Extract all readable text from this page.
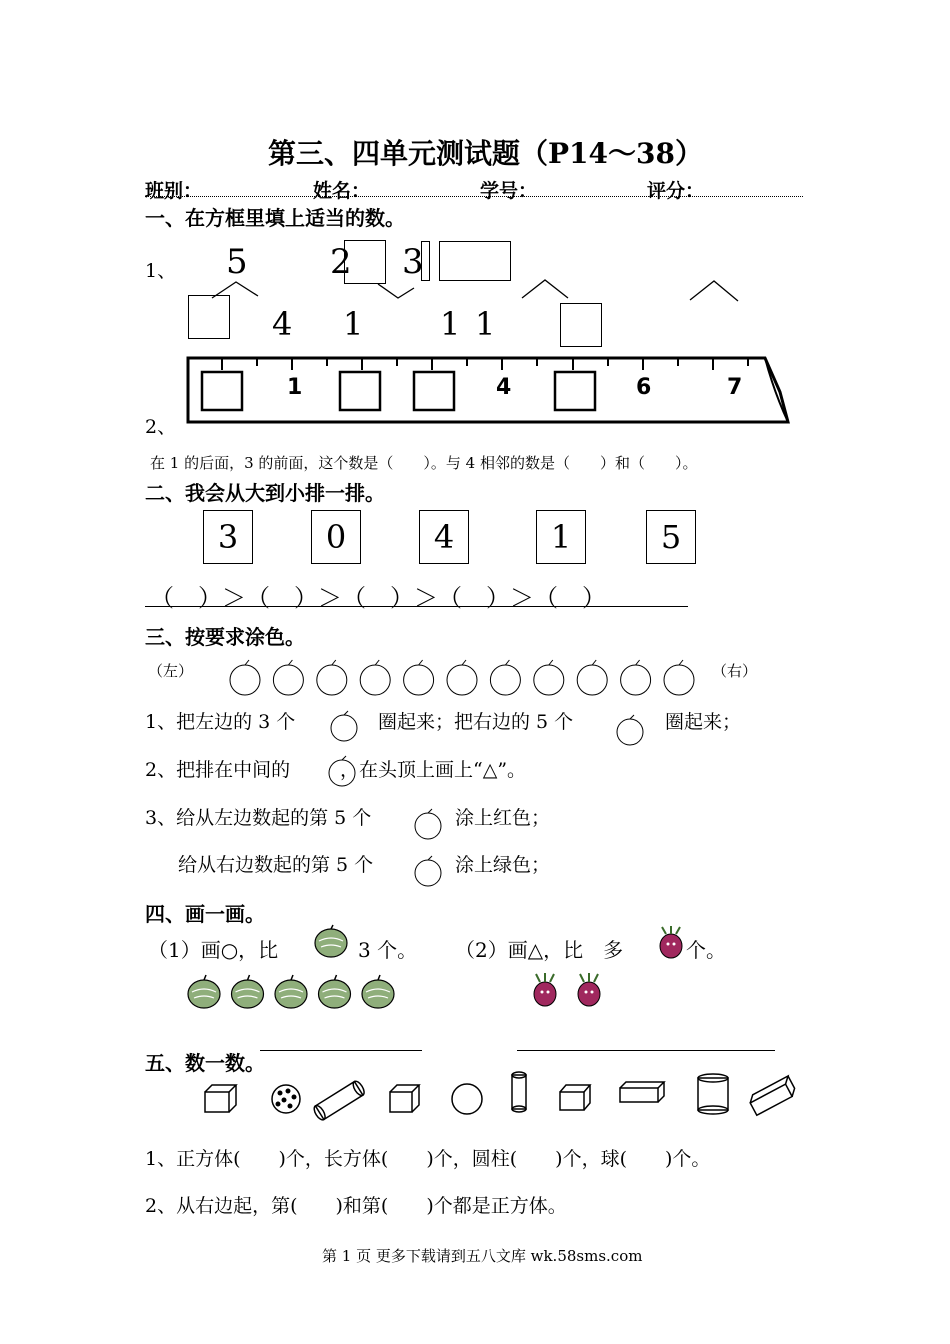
第三、四单元测试题（P14～38）
班别：	姓名：	学号：	评分：
一、在方框里填上适当的数。
1、 5 2 3
4 1 1 1
1	4	6	7
2、
在 1 的后面，3 的前面，这个数是（　　）。与 4 相邻的数是（　　）和（　　）。
二、我会从大到小排一排。
3	0	4	1	5
（　）＞（　）＞（　）＞（　）＞（　）
三、按要求涂色。
（左）	（右）
1、把左边的 3 个	圈起来；把右边的 5 个	圈起来；
2、把排在中间的	，在头顶上画上“△”。
3、给从左边数起的第 5 个	涂上红色；
给从右边数起的第 5 个	涂上绿色；
四、画一画。
（1）画○，比	3 个。 （2）画△，比　多	个。
五、数一数。
1、正方体(　　)个，长方体(　　)个，圆柱(　　)个，球(　　)个。
2、从右边起，第(　　)和第(　　)个都是正方体。
第 1 页 更多下载请到五八文库 wk.58sms.com
